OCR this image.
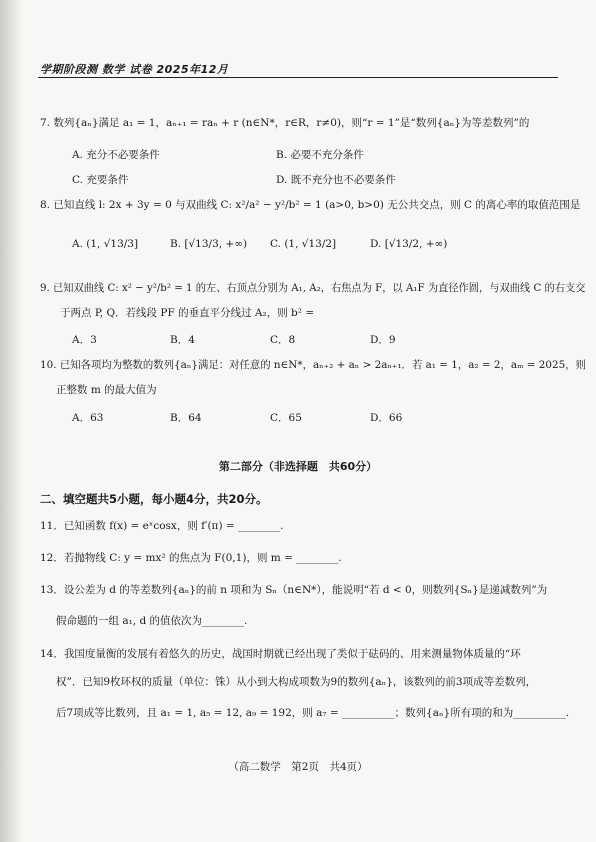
学期阶段测 数学 试卷 2025年12月
7. 数列{aₙ}满足 a₁ = 1，aₙ₊₁ = raₙ + r (n∈N*，r∈R，r≠0)，则“r = 1”是“数列{aₙ}为等差数列”的
A. 充分不必要条件	B. 必要不充分条件
C. 充要条件	D. 既不充分也不必要条件
8. 已知直线 l: 2x + 3y = 0 与双曲线 C: x²/a² − y²/b² = 1 (a>0, b>0) 无公共交点，则 C 的离心率的取值范围是
A. (1, √13/3]	B. [√13/3, +∞) C. (1, √13/2]	D. [√13/2, +∞)
9. 已知双曲线 C: x² − y²/b² = 1 的左、右顶点分别为 A₁, A₂，右焦点为 F，以 A₁F 为直径作圆，与双曲线 C 的右支交
于两点 P, Q．若线段 PF 的垂直平分线过 A₂，则 b² =
A．3	B．4	C．8	D．9
10. 已知各项均为整数的数列{aₙ}满足：对任意的 n∈N*，aₙ₊₂ + aₙ > 2aₙ₊₁．若 a₁ = 1，a₂ = 2，aₘ = 2025，则
正整数 m 的最大值为
A．63	B．64	C．65	D．66
第二部分（非选择题　共60分）
二、填空题共5小题，每小题4分，共20分。
11．已知函数 f(x) = eˣcosx，则 f′(π) = ________.
12．若抛物线 C: y = mx² 的焦点为 F(0,1)，则 m = ________.
13．设公差为 d 的等差数列{aₙ}的前 n 项和为 Sₙ（n∈N*），能说明“若 d < 0，则数列{Sₙ}是递减数列”为
假命题的一组 a₁, d 的值依次为________.
14．我国度量衡的发展有着悠久的历史，战国时期就已经出现了类似于砝码的、用来测量物体质量的“环
权”．已知9枚环权的质量（单位：铢）从小到大构成项数为9的数列{aₙ}，该数列的前3项成等差数列，
后7项成等比数列，且 a₁ = 1, a₅ = 12, a₉ = 192，则 a₇ = __________；数列{aₙ}所有项的和为__________.
（高二数学　第2页　共4页）
